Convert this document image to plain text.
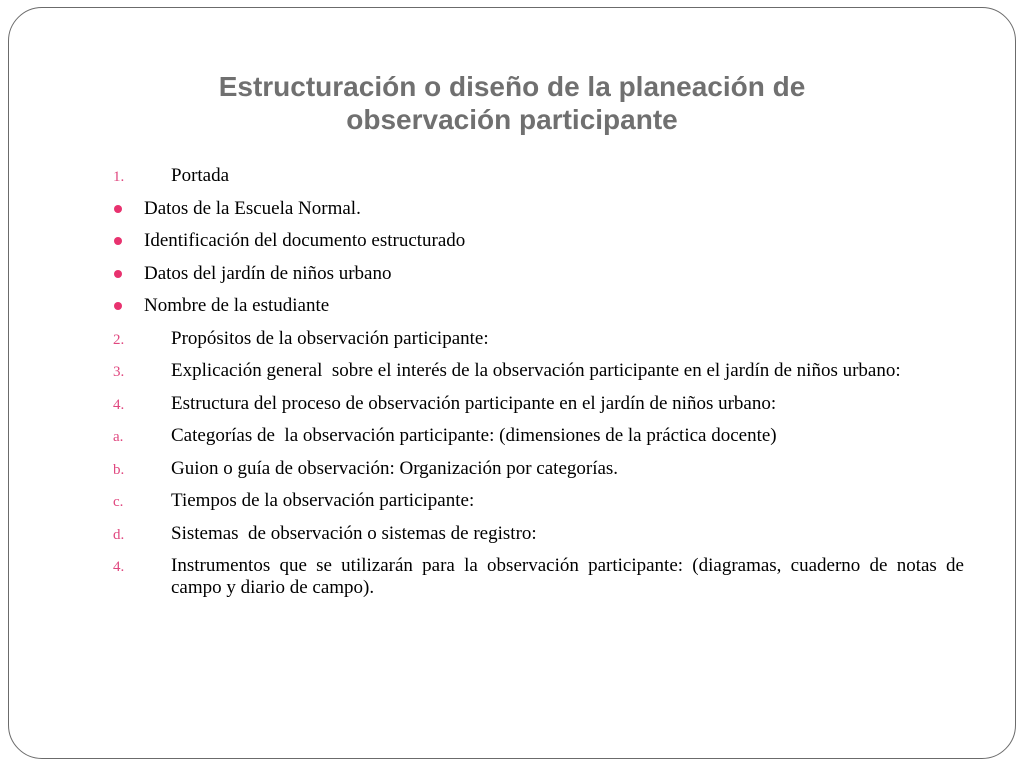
Estructuración o diseño de la planeación de
observación participante
1. Portada
Datos de la Escuela Normal.
Identificación del documento estructurado
Datos del jardín de niños urbano
Nombre de la estudiante
2. Propósitos de la observación participante:
3. Explicación general  sobre el interés de la observación participante en el jardín de niños urbano:
4. Estructura del proceso de observación participante en el jardín de niños urbano:
a.	Categorías de  la observación participante: (dimensiones de la práctica docente)
b. Guion o guía de observación: Organización por categorías.
c.	Tiempos de la observación participante:
d. Sistemas  de observación o sistemas de registro:
4. Instrumentos que se utilizarán para la observación participante: (diagramas, cuaderno de notas de campo y diario de campo).
